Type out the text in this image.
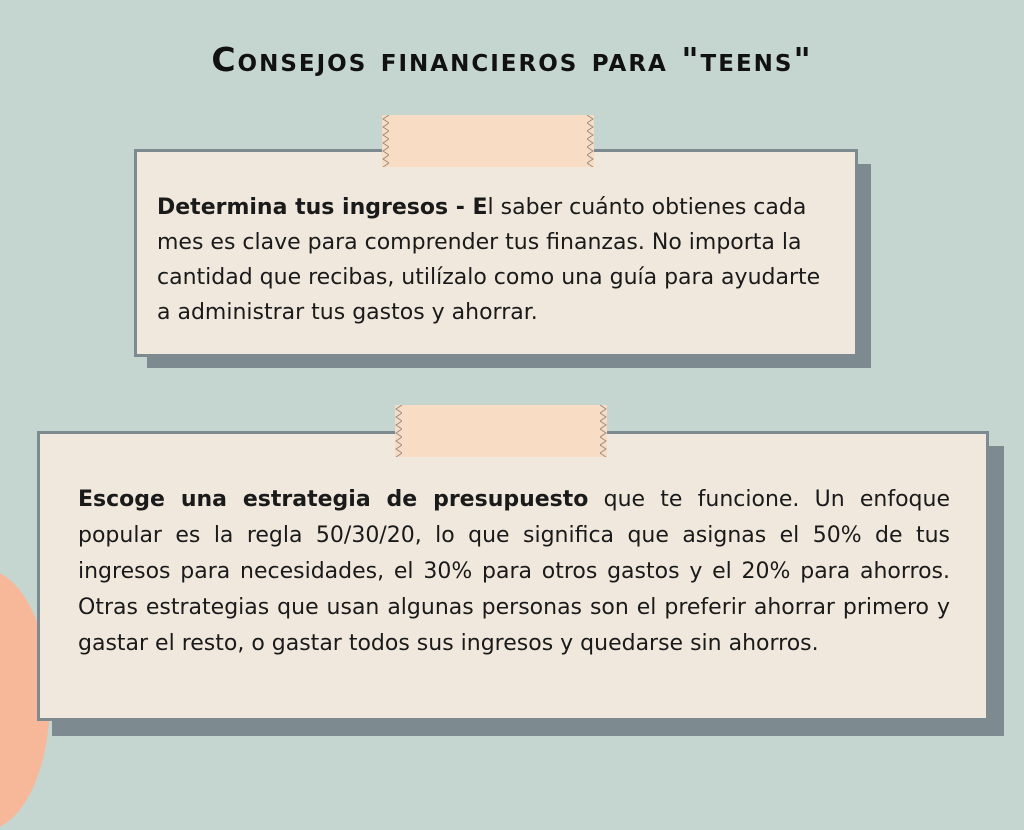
Consejos financieros para "teens"

Determina tus ingresos - El saber cuánto obtienes cada mes es clave para comprender tus finanzas. No importa la cantidad que recibas, utilízalo como una guía para ayudarte a administrar tus gastos y ahorrar.

Escoge una estrategia de presupuesto que te funcione. Un enfoque popular es la regla 50/30/20, lo que significa que asignas el 50% de tus ingresos para necesidades, el 30% para otros gastos y el 20% para ahorros. Otras estrategias que usan algunas personas son el preferir ahorrar primero y gastar el resto, o gastar todos sus ingresos y quedarse sin ahorros.
